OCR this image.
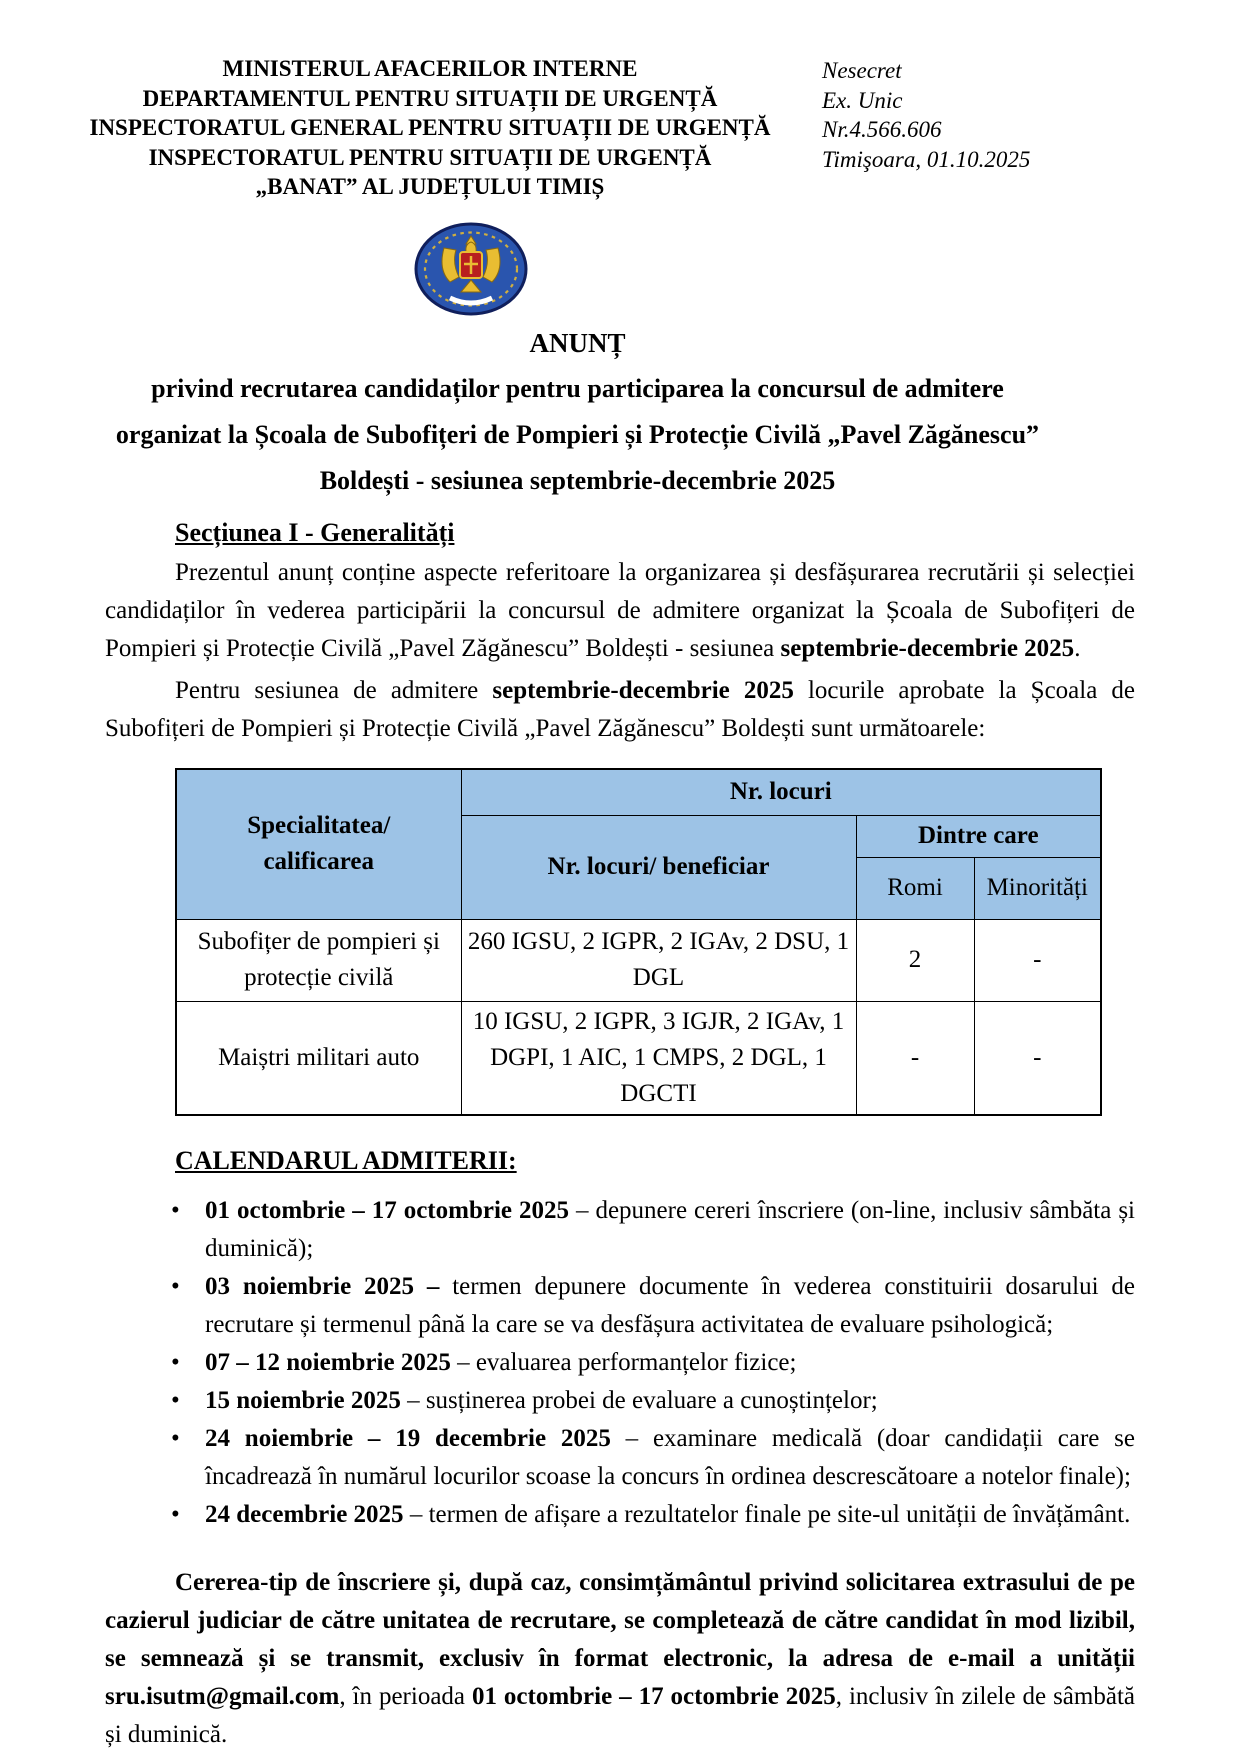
MINISTERUL AFACERILOR INTERNE
DEPARTAMENTUL PENTRU SITUAȚII DE URGENȚĂ
INSPECTORATUL GENERAL PENTRU SITUAȚII DE URGENȚĂ
INSPECTORATUL PENTRU SITUAȚII DE URGENȚĂ
„BANAT” AL JUDEȚULUI TIMIȘ
Nesecret
Ex. Unic
Nr.4.566.606
Timişoara, 01.10.2025
ANUNȚ
privind recrutarea candidaților pentru participarea la concursul de admitere
organizat la Școala de Subofițeri de Pompieri și Protecție Civilă „Pavel Zăgănescu”
Boldești - sesiunea septembrie-decembrie 2025
Secțiunea I - Generalități

Prezentul anunț conține aspecte referitoare la organizarea și desfășurarea recrutării și selecției candidaților în vederea participării la concursul de admitere organizat la Școala de Subofițeri de Pompieri și Protecție Civilă „Pavel Zăgănescu” Boldești - sesiunea septembrie-decembrie 2025.

Pentru sesiunea de admitere septembrie-decembrie 2025 locurile aprobate la Școala de Subofițeri de Pompieri și Protecție Civilă „Pavel Zăgănescu” Boldești sunt următoarele:

Specialitatea/
calificarea	Nr. locuri		
	Nr. locuri/ beneficiar	Dintre care	
		Romi	Minorități
Subofițer de pompieri și protecție civilă	260 IGSU, 2 IGPR, 2 IGAv, 2 DSU, 1 DGL	2	-
Maiștri militari auto	10 IGSU, 2 IGPR, 3 IGJR, 2 IGAv, 1 DGPI, 1 AIC, 1 CMPS, 2 DGL, 1 DGCTI	-	-
CALENDARUL ADMITERII:
• 01 octombrie – 17 octombrie 2025 – depunere cereri înscriere (on-line, inclusiv sâmbăta și duminică);
• 03 noiembrie 2025 – termen depunere documente în vederea constituirii dosarului de recrutare și termenul până la care se va desfășura activitatea de evaluare psihologică;
• 07 – 12 noiembrie 2025 – evaluarea performanțelor fizice;
• 15 noiembrie 2025 – susținerea probei de evaluare a cunoștințelor;
• 24 noiembrie – 19 decembrie 2025 – examinare medicală (doar candidații care se încadrează în numărul locurilor scoase la concurs în ordinea descrescătoare a notelor finale);
• 24 decembrie 2025 – termen de afișare a rezultatelor finale pe site-ul unității de învățământ.

Cererea-tip de înscriere și, după caz, consimțământul privind solicitarea extrasului de pe cazierul judiciar de către unitatea de recrutare, se completează de către candidat în mod lizibil, se semnează și se transmit, exclusiv în format electronic, la adresa de e-mail a unității sru.isutm@gmail.com, în perioada 01 octombrie – 17 octombrie 2025, inclusiv în zilele de sâmbătă și duminică.
